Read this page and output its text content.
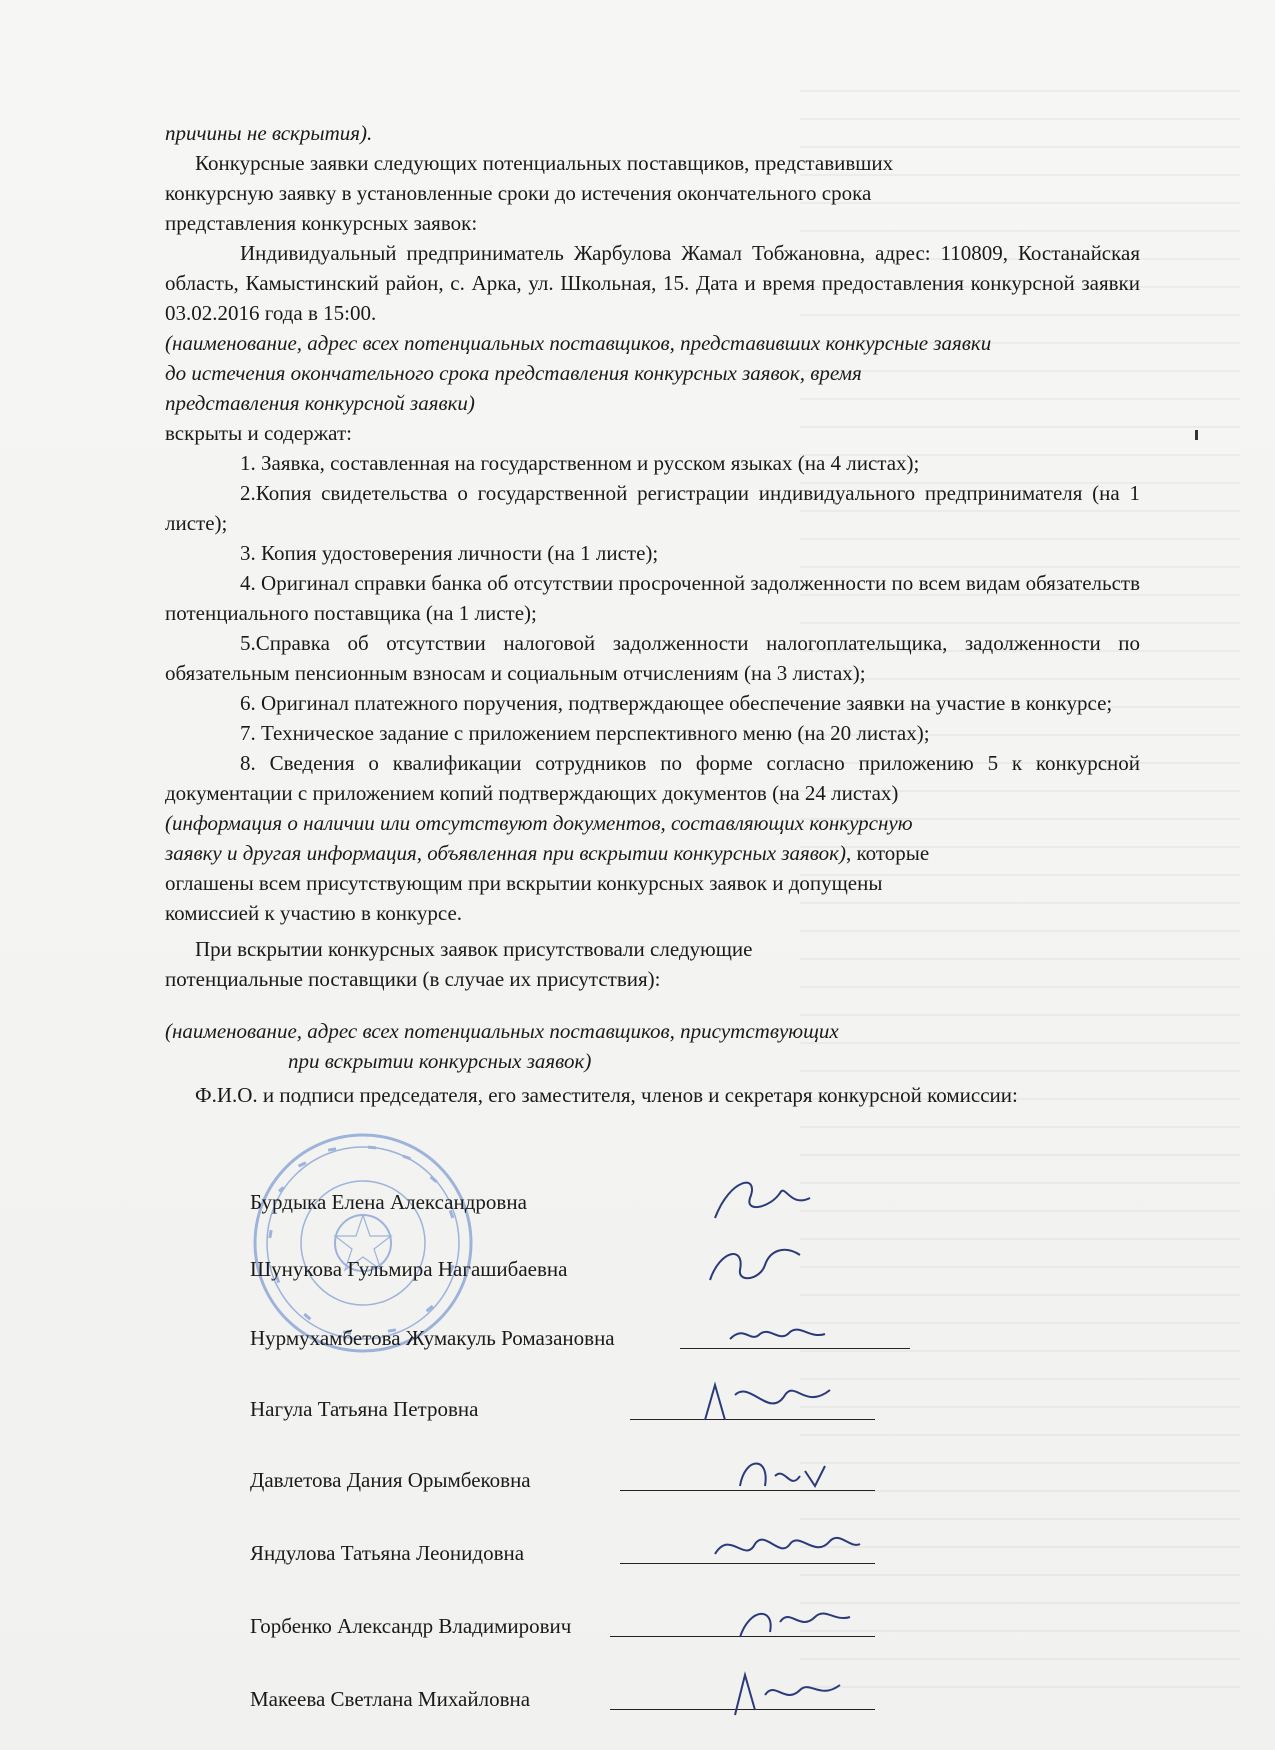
причины не вскрытия).

Конкурсные заявки следующих потенциальных поставщиков, представивших конкурсную заявку в установленные сроки до истечения окончательного срока представления конкурсных заявок:

Индивидуальный предприниматель Жарбулова Жамал Тобжановна, адрес: 110809, Костанайская область, Камыстинский район, с. Арка, ул. Школьная, 15. Дата и время предоставления конкурсной заявки 03.02.2016 года в 15:00.

(наименование, адрес всех потенциальных поставщиков, представивших конкурсные заявки до истечения окончательного срока представления конкурсных заявок, время представления конкурсной заявки)

вскрыты и содержат:

1. Заявка, составленная на государственном и русском языках (на 4 листах);

2.Копия свидетельства о государственной регистрации индивидуального предпринимателя (на 1 листе);

3. Копия удостоверения личности (на 1 листе);

4. Оригинал справки банка об отсутствии просроченной задолженности по всем видам обязательств потенциального поставщика (на 1 листе);

5.Справка об отсутствии налоговой задолженности налогоплательщика, задолженности по обязательным пенсионным взносам и социальным отчислениям (на 3 листах);

6. Оригинал платежного поручения, подтверждающее обеспечение заявки на участие в конкурсе;

7. Техническое задание с приложением перспективного меню (на 20 листах);

8. Сведения о квалификации сотрудников по форме согласно приложению 5 к конкурсной документации с приложением копий подтверждающих документов (на 24 листах)

(информация о наличии или отсутствуют документов, составляющих конкурсную заявку и другая информация, объявленная при вскрытии конкурсных заявок), которые оглашены всем присутствующим при вскрытии конкурсных заявок и допущены комиссией к участию в конкурсе.

При вскрытии конкурсных заявок присутствовали следующие потенциальные поставщики (в случае их присутствия):

(наименование, адрес всех потенциальных поставщиков, присутствующих

при вскрытии конкурсных заявок)

Ф.И.О. и подписи председателя, его заместителя, членов и секретаря конкурсной комиссии:

Бурдыка Елена Александровна
Шунукова Гульмира Нагашибаевна
Нурмухамбетова Жумакуль Ромазановна
Нагула Татьяна Петровна
Давлетова Дания Орымбековна
Яндулова Татьяна Леонидовна
Горбенко Александр Владимирович
Макеева Светлана Михайловна
